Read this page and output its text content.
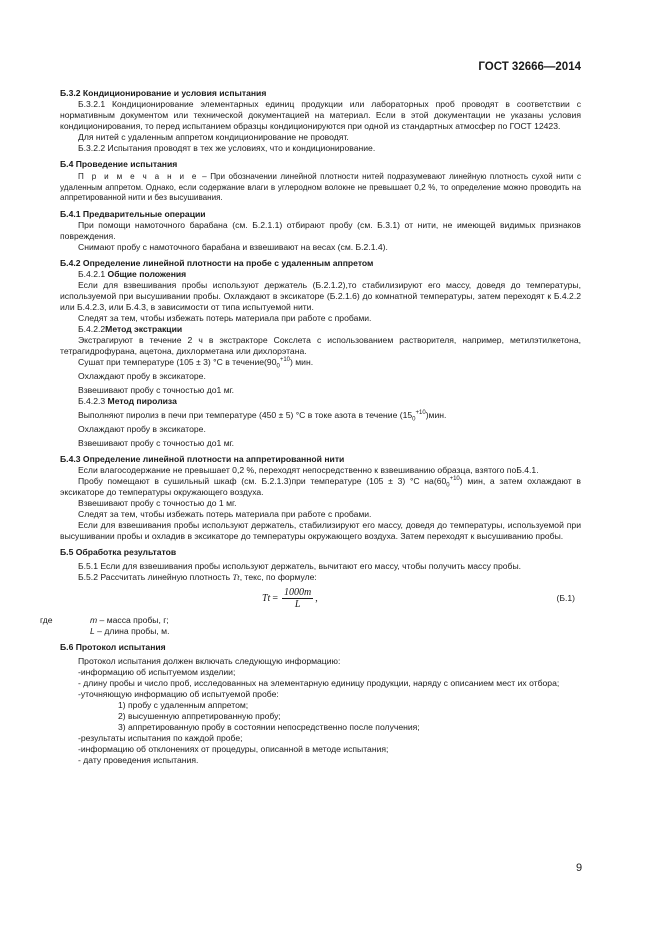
ГОСТ 32666—2014
Б.3.2 Кондиционирование и условия испытания

Б.3.2.1 Кондиционирование элементарных единиц продукции или лабораторных проб проводят в соответствии с нормативным документом или технической документацией на материал. Если в этой документации не указаны условия кондиционирования, то перед испытанием образцы кондиционируются при одной из стандартных атмосфер по ГОСТ 12423.

Для нитей с удаленным аппретом кондиционирование не проводят.

Б.3.2.2 Испытания проводят в тех же условиях, что и кондиционирование.

Б.4 Проведение испытания

П р и м е ч а н и е – При обозначении линейной плотности нитей подразумевают линейную плотность сухой нити с удаленным аппретом. Однако, если содержание влаги в углеродном волокне не превышает 0,2 %, то определение можно проводить на аппретированной нити и без высушивания.

Б.4.1 Предварительные операции

При помощи намоточного барабана (см. Б.2.1.1) отбирают пробу (см. Б.3.1) от нити, не имеющей видимых признаков повреждения.

Снимают пробу с намоточного барабана и взвешивают на весах (см. Б.2.1.4).

Б.4.2 Определение линейной плотности на пробе с удаленным аппретом
Б.4.2.1 Общие положения

Если для взвешивания пробы используют держатель (Б.2.1.2),то стабилизируют его массу, доведя до температуры, используемой при высушивании пробы. Охлаждают в эксикаторе (Б.2.1.6) до комнатной температуры, затем переходят к Б.4.2.2 или Б.4.2.3, или Б.4.3, в зависимости от типа испытуемой нити.

Следят за тем, чтобы избежать потерь материала при работе с пробами.

Б.4.2.2Метод экстракции

Экстрагируют в течение 2 ч в экстракторе Сокслета с использованием растворителя, например, метилэтилкетона, тетрагидрофурана, ацетона, дихлорметана или дихлорэтана.

Сушат при температуре (105 ± 3) °С в $течение(90_0^{+10})$ мин.

Охлаждают пробу в эксикаторе.

Взвешивают пробу с точностью до1 мг.

Б.4.2.3 Метод пиролиза

Выполняют пиролиз в печи при температуре (450 ± 5) °С в токе азота в течение $(15_0^{+10})мин$.

Охлаждают пробу в эксикаторе.

Взвешивают пробу с точностью до1 мг.

Б.4.3 Определение линейной плотности на аппретированной нити

Если влагосодержание не превышает 0,2 %, переходят непосредственно к взвешиванию образца, взятого поБ.4.1.

Пробу помещают в сушильный шкаф (см. Б.2.1.3)при температуре (105 ± 3) °С $на(60_0^{+10})$ мин, а затем охлаждают в эксикаторе до температуры окружающего воздуха.

Взвешивают пробу с точностью до 1 мг.

Следят за тем, чтобы избежать потерь материала при работе с пробами.

Если для взвешивания пробы используют держатель, стабилизируют его массу, доведя до температуры, используемой при высушивании пробы и охладив в эксикаторе до температуры окружающего воздуха. Затем переходят к высушиванию пробы.

Б.5 Обработка результатов

Б.5.1 Если для взвешивания пробы используют держатель, вычитают его массу, чтобы получить массу пробы.

Б.5.2 Рассчитать линейную плотность Tt, текс, по формуле:

$Tt = \frac{1000m}{L}$ ,	(Б.1)
где	m – масса пробы, г;
L – длина пробы, м.
Б.6 Протокол испытания

Протокол испытания должен включать следующую информацию:

-информацию об испытуемом изделии;

- длину пробы и число проб, исследованных на элементарную единицу продукции, наряду с описанием мест их отбора;

-уточняющую информацию об испытуемой пробе:

1) пробу с удаленным аппретом;

2) высушенную аппретированную пробу;

3) аппретированную пробу в состоянии непосредственно после получения;

-результаты испытания по каждой пробе;

-информацию об отклонениях от процедуры, описанной в методе испытания;

- дату проведения испытания.

9
